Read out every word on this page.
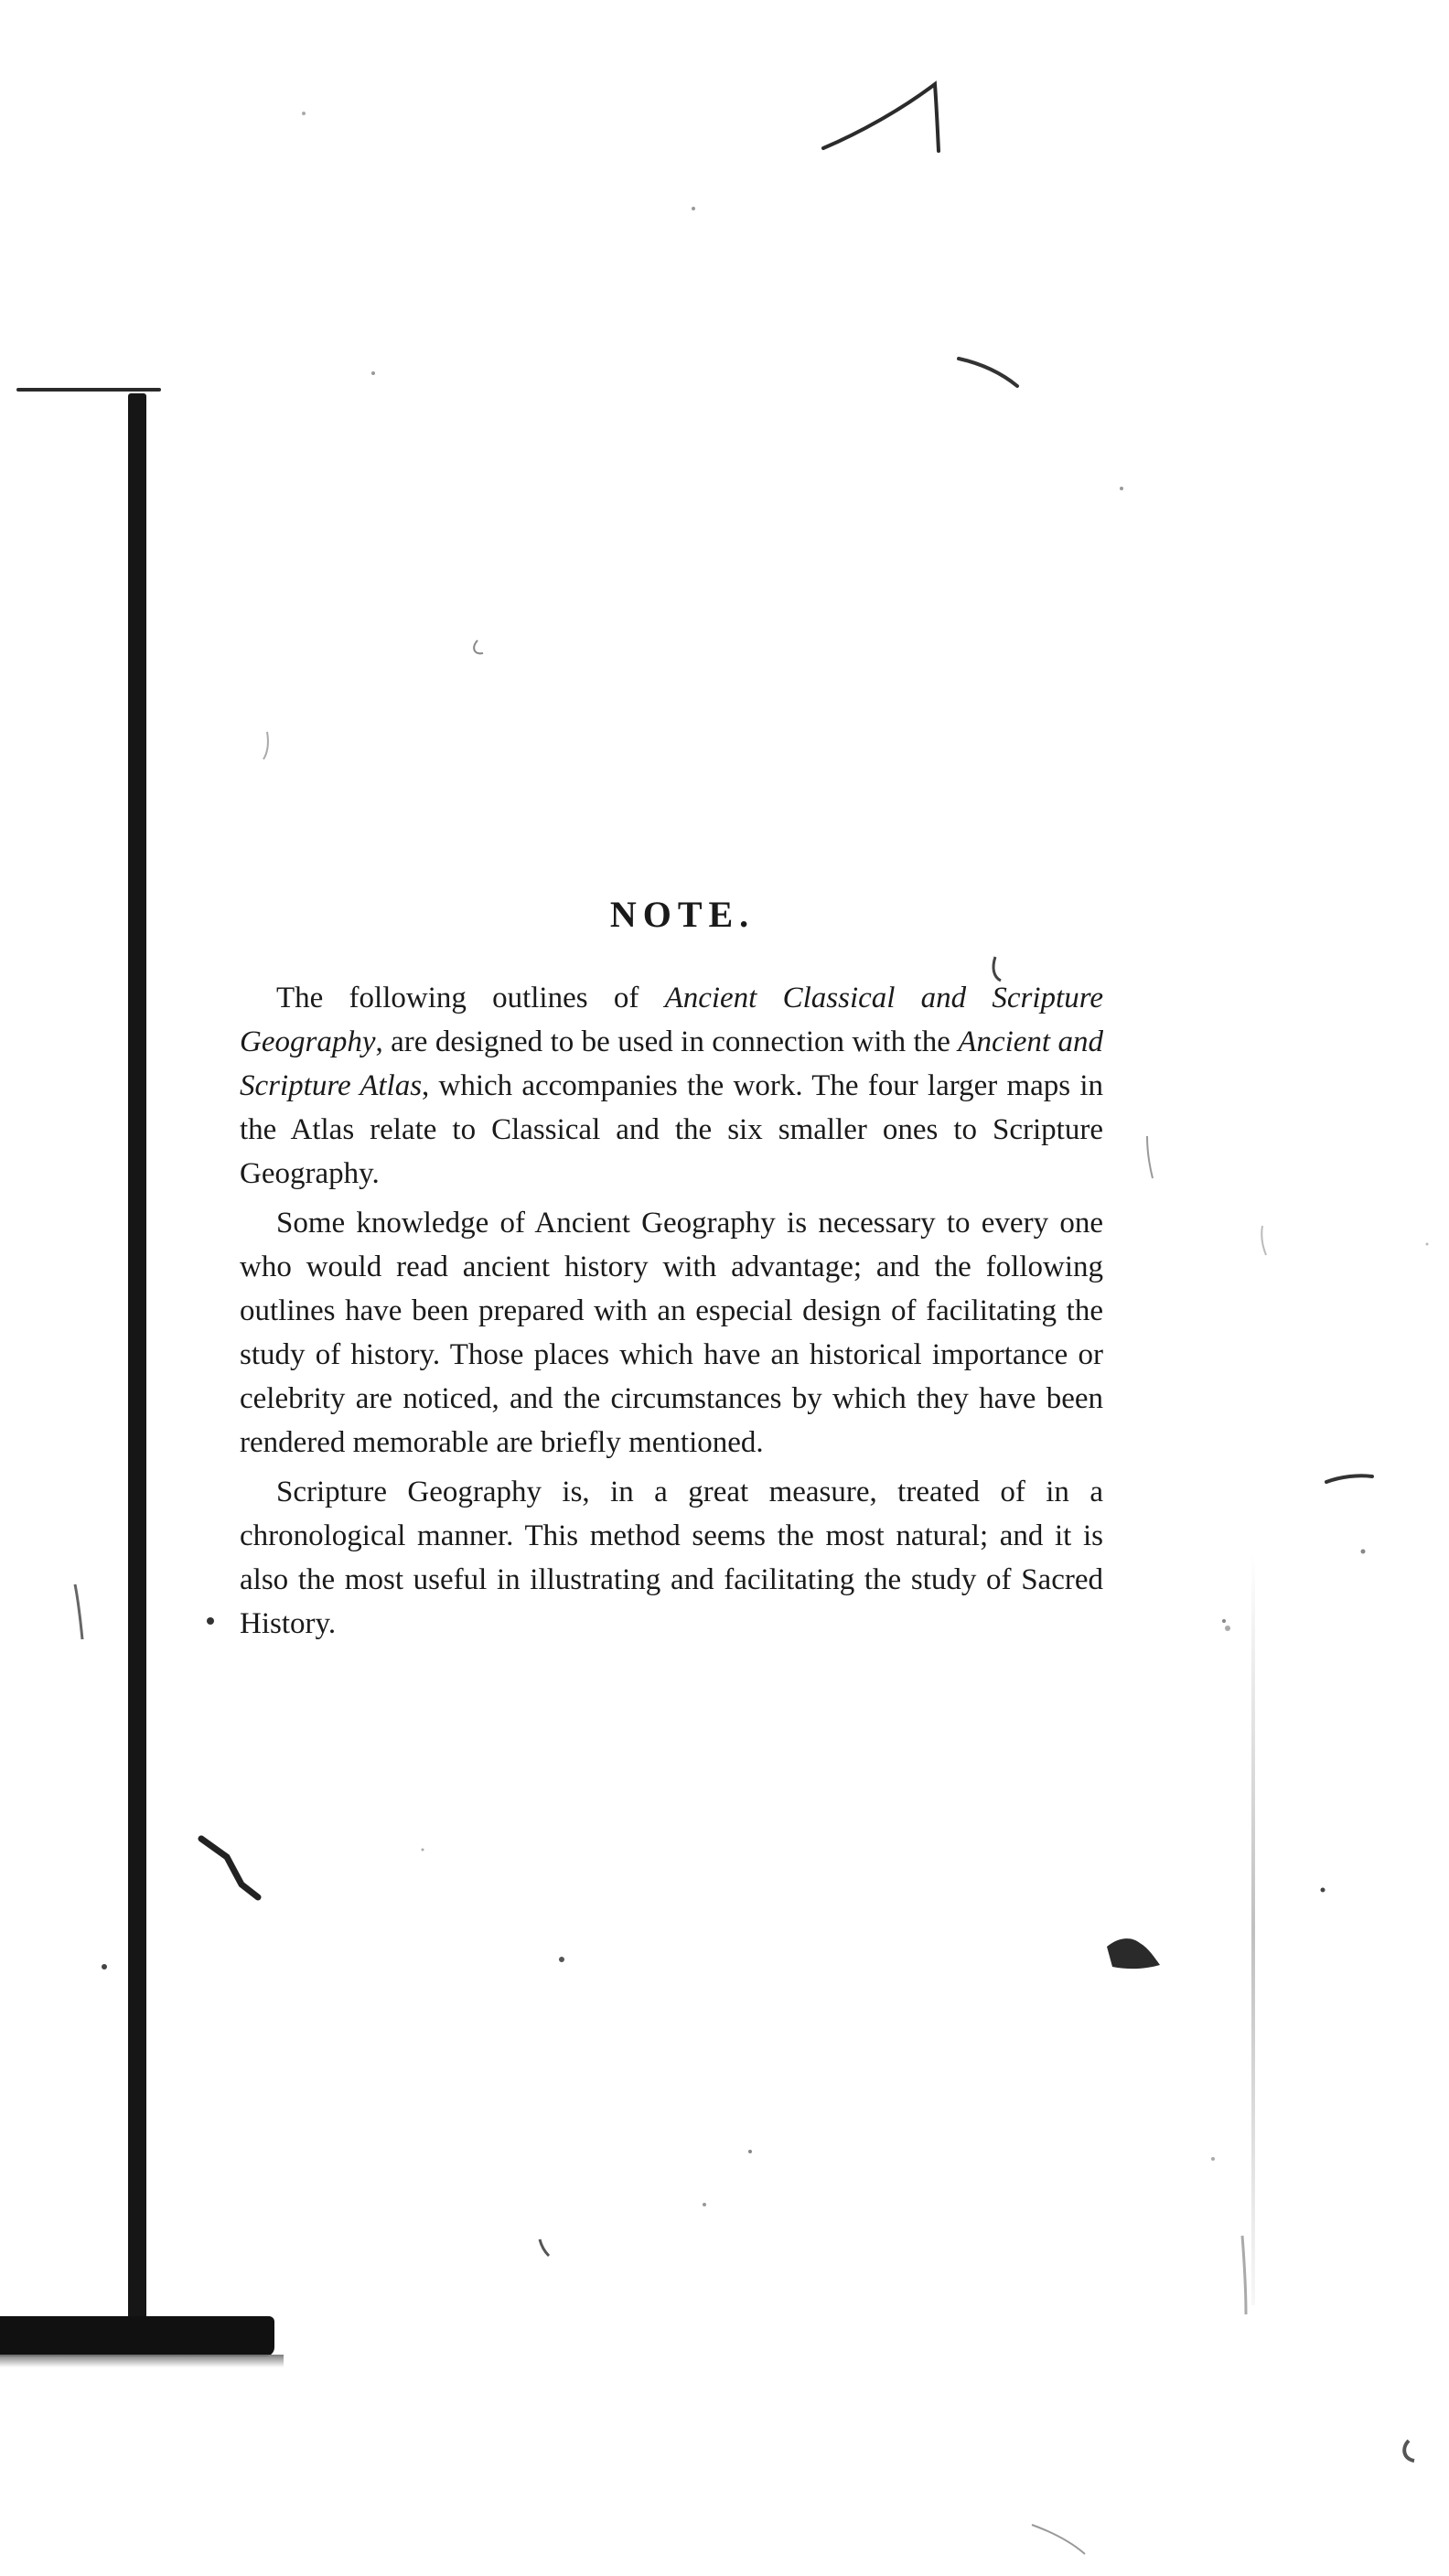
NOTE.

The following outlines of Ancient Classical and Scripture Geography, are designed to be used in connection with the Ancient and Scripture Atlas, which accompanies the work. The four larger maps in the Atlas relate to Classical and the six smaller ones to Scripture Geography.

Some knowledge of Ancient Geography is necessary to every one who would read ancient history with advantage; and the following outlines have been prepared with an especial design of facilitating the study of history. Those places which have an historical importance or celebrity are noticed, and the circumstances by which they have been rendered memorable are briefly mentioned.

Scripture Geography is, in a great measure, treated of in a chronological manner. This method seems the most natural; and it is also the most useful in illustrating and facilitating the study of Sacred History.
